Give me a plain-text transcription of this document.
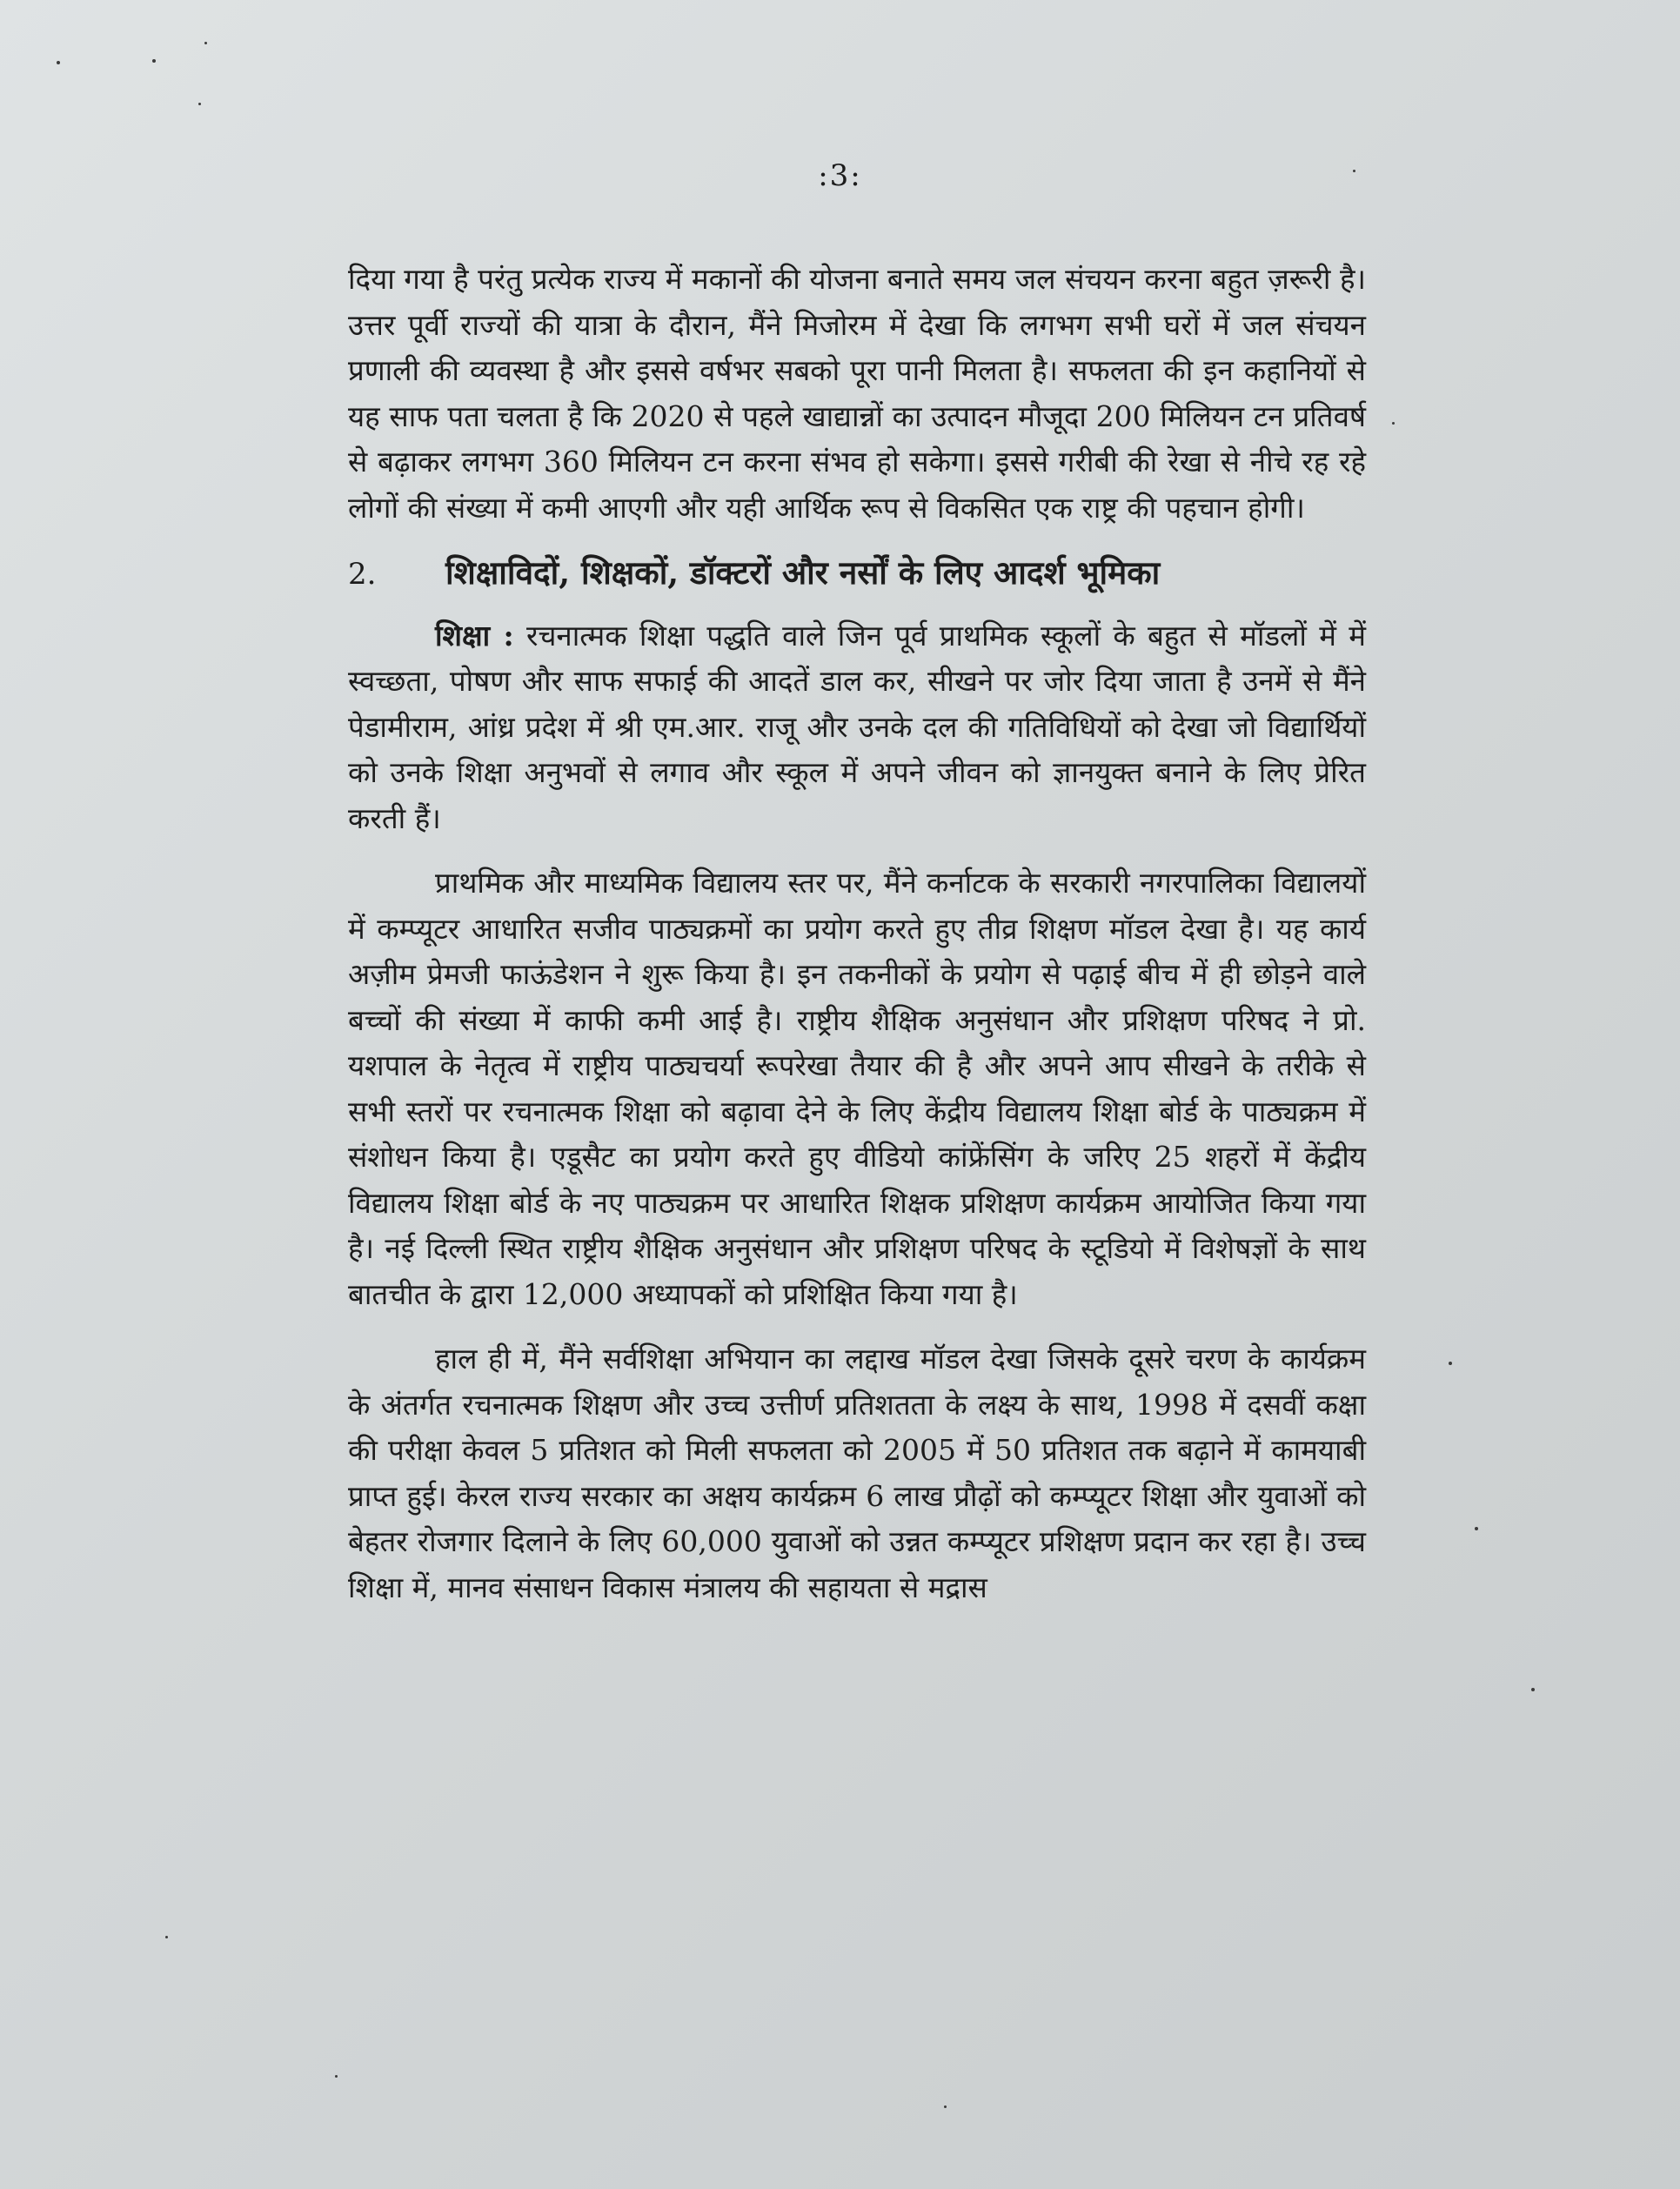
:3:

दिया गया है परंतु प्रत्येक राज्य में मकानों की योजना बनाते समय जल संचयन करना बहुत ज़रूरी है। उत्तर पूर्वी राज्यों की यात्रा के दौरान, मैंने मिजोरम में देखा कि लगभग सभी घरों में जल संचयन प्रणाली की व्यवस्था है और इससे वर्षभर सबको पूरा पानी मिलता है। सफलता की इन कहानियों से यह साफ पता चलता है कि 2020 से पहले खाद्यान्नों का उत्पादन मौजूदा 200 मिलियन टन प्रतिवर्ष से बढ़ाकर लगभग 360 मिलियन टन करना संभव हो सकेगा। इससे गरीबी की रेखा से नीचे रह रहे लोगों की संख्या में कमी आएगी और यही आर्थिक रूप से विकसित एक राष्ट्र की पहचान होगी।

2.	शिक्षाविदों, शिक्षकों, डॉक्टरों और नर्सों के लिए आदर्श भूमिका

शिक्षा : रचनात्मक शिक्षा पद्धति वाले जिन पूर्व प्राथमिक स्कूलों के बहुत से मॉडलों में में स्वच्छता, पोषण और साफ सफाई की आदतें डाल कर, सीखने पर जोर दिया जाता है उनमें से मैंने पेडामीराम, आंध्र प्रदेश में श्री एम.आर. राजू और उनके दल की गतिविधियों को देखा जो विद्यार्थियों को उनके शिक्षा अनुभवों से लगाव और स्कूल में अपने जीवन को ज्ञानयुक्त बनाने के लिए प्रेरित करती हैं।

प्राथमिक और माध्यमिक विद्यालय स्तर पर, मैंने कर्नाटक के सरकारी नगरपालिका विद्यालयों में कम्प्यूटर आधारित सजीव पाठ्यक्रमों का प्रयोग करते हुए तीव्र शिक्षण मॉडल देखा है। यह कार्य अज़ीम प्रेमजी फाऊंडेशन ने शुरू किया है। इन तकनीकों के प्रयोग से पढ़ाई बीच में ही छोड़ने वाले बच्चों की संख्या में काफी कमी आई है। राष्ट्रीय शैक्षिक अनुसंधान और प्रशिक्षण परिषद ने प्रो. यशपाल के नेतृत्व में राष्ट्रीय पाठ्यचर्या रूपरेखा तैयार की है और अपने आप सीखने के तरीके से सभी स्तरों पर रचनात्मक शिक्षा को बढ़ावा देने के लिए केंद्रीय विद्यालय शिक्षा बोर्ड के पाठ्यक्रम में संशोधन किया है। एडूसैट का प्रयोग करते हुए वीडियो कांफ्रेंसिंग के जरिए 25 शहरों में केंद्रीय विद्यालय शिक्षा बोर्ड के नए पाठ्यक्रम पर आधारित शिक्षक प्रशिक्षण कार्यक्रम आयोजित किया गया है। नई दिल्ली स्थित राष्ट्रीय शैक्षिक अनुसंधान और प्रशिक्षण परिषद के स्टूडियो में विशेषज्ञों के साथ बातचीत के द्वारा 12,000 अध्यापकों को प्रशिक्षित किया गया है।

हाल ही में, मैंने सर्वशिक्षा अभियान का लद्दाख मॉडल देखा जिसके दूसरे चरण के कार्यक्रम के अंतर्गत रचनात्मक शिक्षण और उच्च उत्तीर्ण प्रतिशतता के लक्ष्य के साथ, 1998 में दसवीं कक्षा की परीक्षा केवल 5 प्रतिशत को मिली सफलता को 2005 में 50 प्रतिशत तक बढ़ाने में कामयाबी प्राप्त हुई। केरल राज्य सरकार का अक्षय कार्यक्रम 6 लाख प्रौढ़ों को कम्प्यूटर शिक्षा और युवाओं को बेहतर रोजगार दिलाने के लिए 60,000 युवाओं को उन्नत कम्प्यूटर प्रशिक्षण प्रदान कर रहा है। उच्च शिक्षा में, मानव संसाधन विकास मंत्रालय की सहायता से मद्रास
